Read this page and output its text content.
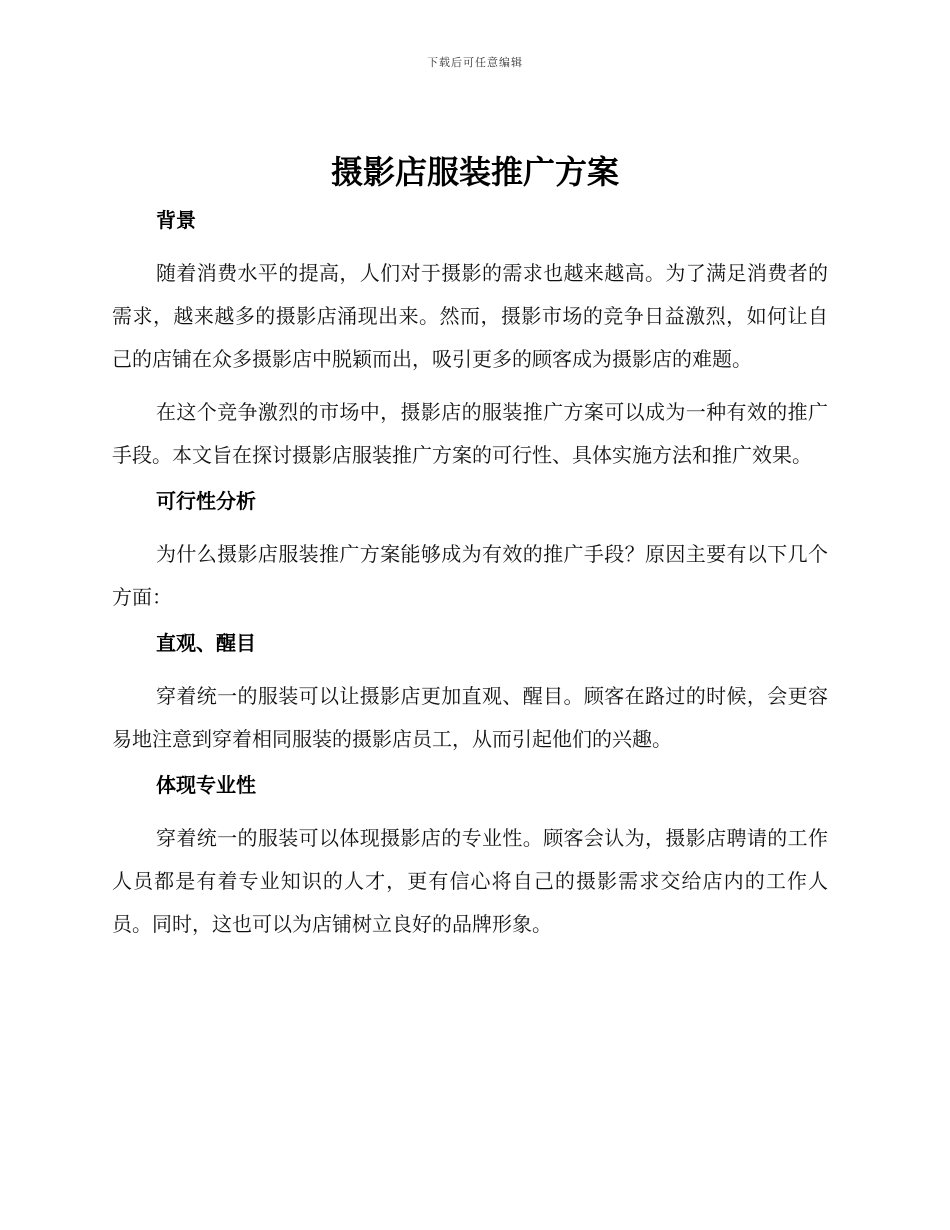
下载后可任意编辑
摄影店服装推广方案
背景

随着消费水平的提高，人们对于摄影的需求也越来越高。为了满足消费者的需求，越来越多的摄影店涌现出来。然而，摄影市场的竞争日益激烈，如何让自己的店铺在众多摄影店中脱颖而出，吸引更多的顾客成为摄影店的难题。

在这个竞争激烈的市场中，摄影店的服装推广方案可以成为一种有效的推广手段。本文旨在探讨摄影店服装推广方案的可行性、具体实施方法和推广效果。

可行性分析

为什么摄影店服装推广方案能够成为有效的推广手段？原因主要有以下几个方面：

直观、醒目

穿着统一的服装可以让摄影店更加直观、醒目。顾客在路过的时候，会更容易地注意到穿着相同服装的摄影店员工，从而引起他们的兴趣。

体现专业性

穿着统一的服装可以体现摄影店的专业性。顾客会认为，摄影店聘请的工作人员都是有着专业知识的人才，更有信心将自己的摄影需求交给店内的工作人员。同时，这也可以为店铺树立良好的品牌形象。
